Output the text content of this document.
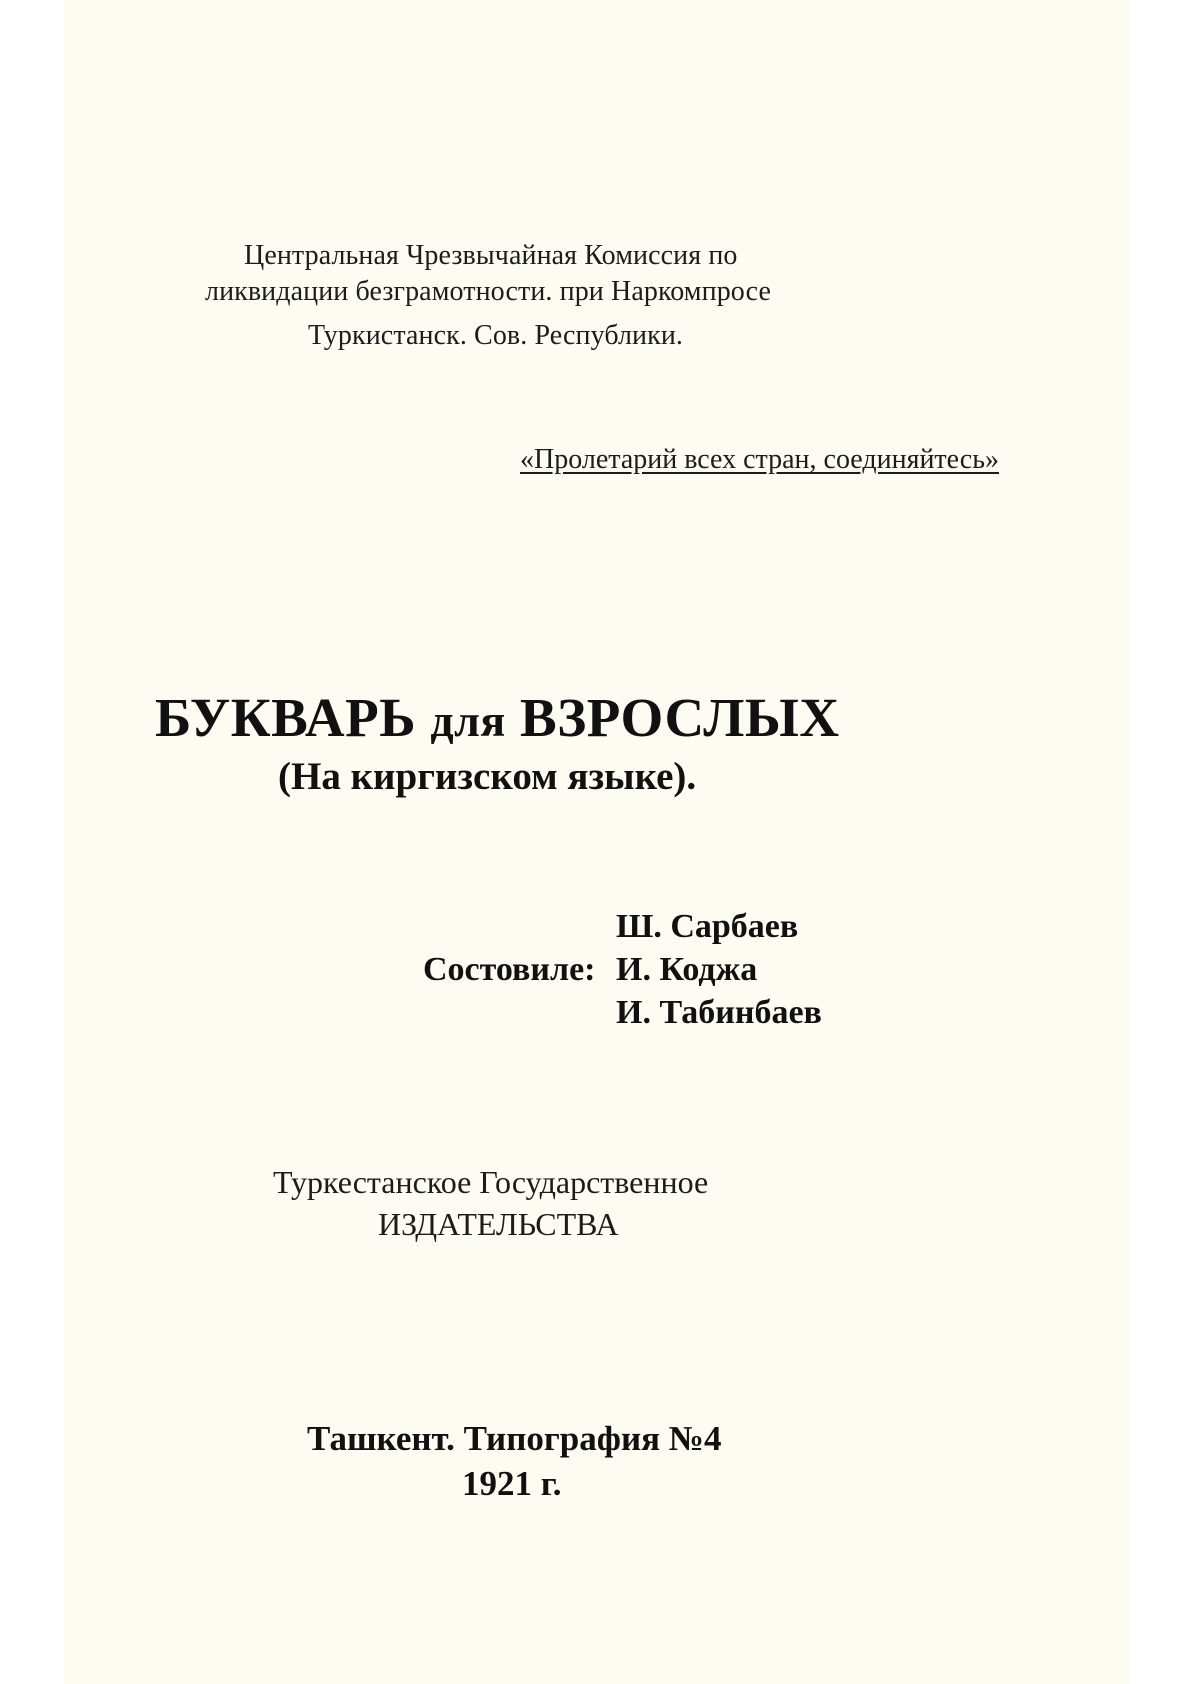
Центральная Чрезвычайная Комиссия по

ликвидации безграмотности. при Наркомпросе

Туркистанск. Сов. Республики.

«Пролетарий всех стран, соединяйтесь»

БУКВАРЬ для ВЗРОСЛЫХ

(На киргизском языке).

Ш. Сарбаев

Состовиле: И. Коджа

И. Табинбаев

Туркестанское Государственное

ИЗДАТЕЛЬСТВА

Ташкент. Типография №4

1921 г.
